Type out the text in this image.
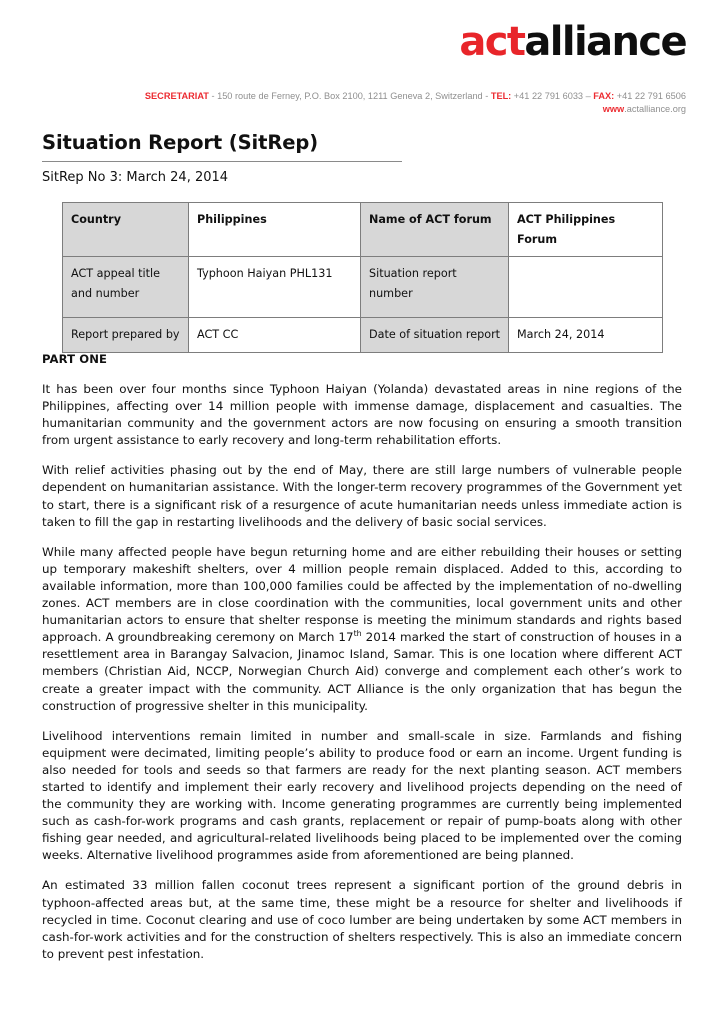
actalliance
SECRETARIAT - 150 route de Ferney, P.O. Box 2100, 1211 Geneva 2, Switzerland - TEL: +41 22 791 6033 – FAX: +41 22 791 6506
www.actalliance.org
Situation Report (SitRep)
SitRep No 3: March 24, 2014
Country	Philippines	Name of ACT forum	ACT Philippines Forum
ACT appeal title and number	Typhoon Haiyan PHL131	Situation report number	
Report prepared by	ACT CC	Date of situation report	March 24, 2014
PART ONE

It has been over four months since Typhoon Haiyan (Yolanda) devastated areas in nine regions of the Philippines, affecting over 14 million people with immense damage, displacement and casualties. The humanitarian community and the government actors are now focusing on ensuring a smooth transition from urgent assistance to early recovery and long-term rehabilitation efforts.

With relief activities phasing out by the end of May, there are still large numbers of vulnerable people dependent on humanitarian assistance. With the longer-term recovery programmes of the Government yet to start, there is a significant risk of a resurgence of acute humanitarian needs unless immediate action is taken to fill the gap in restarting livelihoods and the delivery of basic social services.

While many affected people have begun returning home and are either rebuilding their houses or setting up temporary makeshift shelters, over 4 million people remain displaced. Added to this, according to available information, more than 100,000 families could be affected by the implementation of no-dwelling zones. ACT members are in close coordination with the communities, local government units and other humanitarian actors to ensure that shelter response is meeting the minimum standards and rights based approach. A groundbreaking ceremony on March 17th 2014 marked the start of construction of houses in a resettlement area in Barangay Salvacion, Jinamoc Island, Samar. This is one location where different ACT members (Christian Aid, NCCP, Norwegian Church Aid) converge and complement each other’s work to create a greater impact with the community. ACT Alliance is the only organization that has begun the construction of progressive shelter in this municipality.

Livelihood interventions remain limited in number and small-scale in size. Farmlands and fishing equipment were decimated, limiting people’s ability to produce food or earn an income. Urgent funding is also needed for tools and seeds so that farmers are ready for the next planting season. ACT members started to identify and implement their early recovery and livelihood projects depending on the need of the community they are working with. Income generating programmes are currently being implemented such as cash-for-work programs and cash grants, replacement or repair of pump-boats along with other fishing gear needed, and agricultural-related livelihoods being placed to be implemented over the coming weeks. Alternative livelihood programmes aside from aforementioned are being planned.

An estimated 33 million fallen coconut trees represent a significant portion of the ground debris in typhoon-affected areas but, at the same time, these might be a resource for shelter and livelihoods if recycled in time. Coconut clearing and use of coco lumber are being undertaken by some ACT members in cash-for-work activities and for the construction of shelters respectively. This is also an immediate concern to prevent pest infestation.
